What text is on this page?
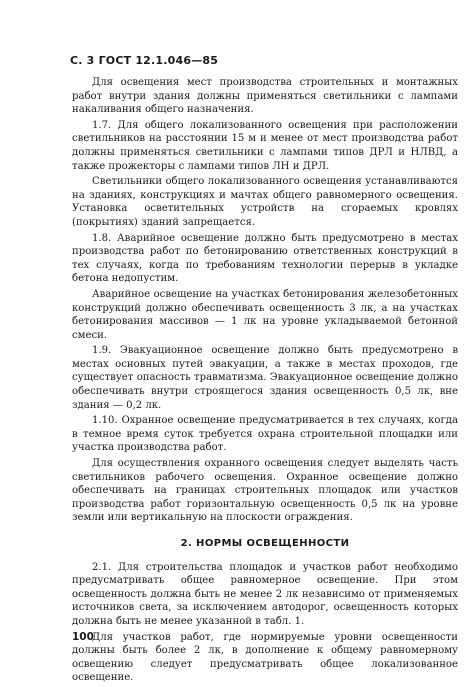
С. 3 ГОСТ 12.1.046—85

Для освещения мест производства строительных и монтажных работ внутри здания должны применяться светильники с лампами накаливания общего назначения.

1.7. Для общего локализованного освещения при расположении светильников на расстоянии 15 м и менее от мест производства работ должны применяться светильники с лампами типов ДРЛ и НЛВД, а также прожекторы с лампами типов ЛН и ДРЛ.

Светильники общего локализованного освещения устанавливаются на зданиях, конструкциях и мачтах общего равномерного освещения. Установка осветительных устройств на сгораемых кровлях (покрытиях) зданий запрещается.

1.8. Аварийное освещение должно быть предусмотрено в местах производства работ по бетонированию ответственных конструкций в тех случаях, когда по требованиям технологии перерыв в укладке бетона недопустим.

Аварийное освещение на участках бетонирования железобетонных конструкций должно обеспечивать освещенность 3 лк, а на участках бетонирования массивов — 1 лк на уровне укладываемой бетонной смеси.

1.9. Эвакуационное освещение должно быть предусмотрено в местах основных путей эвакуации, а также в местах проходов, где существует опасность травматизма. Эвакуационное освещение должно обеспечивать внутри строящегося здания освещенность 0,5 лк, вне здания — 0,2 лк.

1.10. Охранное освещение предусматривается в тех случаях, когда в темное время суток требуется охрана строительной площадки или участка производства работ.

Для осуществления охранного освещения следует выделять часть светильников рабочего освещения. Охранное освещение должно обеспечивать на границах строительных площадок или участков производства работ горизонтальную освещенность 0,5 лк на уровне земли или вертикальную на плоскости ограждения.

2. НОРМЫ ОСВЕЩЕННОСТИ

2.1. Для строительства площадок и участков работ необходимо предусматривать общее равномерное освещение. При этом освещенность должна быть не менее 2 лк независимо от применяемых источников света, за исключением автодорог, освещенность которых должна быть не менее указанной в табл. 1.

Для участков работ, где нормируемые уровни освещенности должны быть более 2 лк, в дополнение к общему равномерному освещению следует предусматривать общее локализованное освещение.

100
